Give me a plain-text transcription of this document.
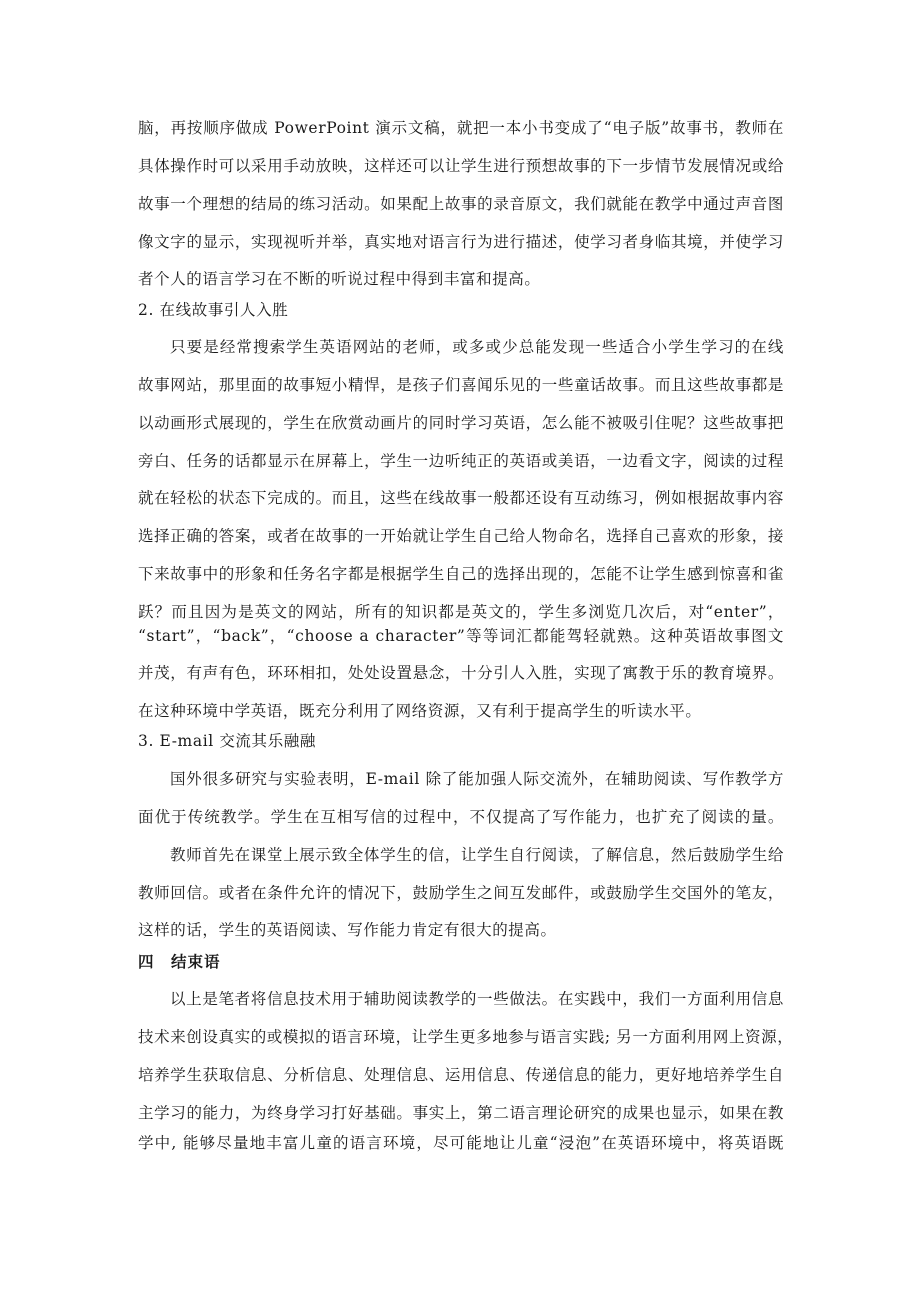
脑，再按顺序做成 PowerPoint 演示文稿，就把一本小书变成了“电子版”故事书，教师在
具体操作时可以采用手动放映，这样还可以让学生进行预想故事的下一步情节发展情况或给
故事一个理想的结局的练习活动。如果配上故事的录音原文，我们就能在教学中通过声音图
像文字的显示，实现视听并举，真实地对语言行为进行描述，使学习者身临其境，并使学习
者个人的语言学习在不断的听说过程中得到丰富和提高。
2. 在线故事引人入胜
只要是经常搜索学生英语网站的老师，或多或少总能发现一些适合小学生学习的在线
故事网站，那里面的故事短小精悍，是孩子们喜闻乐见的一些童话故事。而且这些故事都是
以动画形式展现的，学生在欣赏动画片的同时学习英语，怎么能不被吸引住呢？这些故事把
旁白、任务的话都显示在屏幕上，学生一边听纯正的英语或美语，一边看文字，阅读的过程
就在轻松的状态下完成的。而且，这些在线故事一般都还设有互动练习，例如根据故事内容
选择正确的答案，或者在故事的一开始就让学生自己给人物命名，选择自己喜欢的形象，接
下来故事中的形象和任务名字都是根据学生自己的选择出现的，怎能不让学生感到惊喜和雀
跃？而且因为是英文的网站，所有的知识都是英文的，学生多浏览几次后，对“enter”，
“start”，“back”，“choose a character”等等词汇都能驾轻就熟。这种英语故事图文
并茂，有声有色，环环相扣，处处设置悬念，十分引人入胜，实现了寓教于乐的教育境界。
在这种环境中学英语，既充分利用了网络资源，又有利于提高学生的听读水平。
3. E-mail 交流其乐融融
国外很多研究与实验表明，E-mail 除了能加强人际交流外，在辅助阅读、写作教学方
面优于传统教学。学生在互相写信的过程中，不仅提高了写作能力，也扩充了阅读的量。
教师首先在课堂上展示致全体学生的信，让学生自行阅读，了解信息，然后鼓励学生给
教师回信。或者在条件允许的情况下，鼓励学生之间互发邮件，或鼓励学生交国外的笔友，
这样的话，学生的英语阅读、写作能力肯定有很大的提高。
四　结束语
以上是笔者将信息技术用于辅助阅读教学的一些做法。在实践中，我们一方面利用信息
技术来创设真实的或模拟的语言环境，让学生更多地参与语言实践; 另一方面利用网上资源，
培养学生获取信息、分析信息、处理信息、运用信息、传递信息的能力，更好地培养学生自
主学习的能力，为终身学习打好基础。事实上，第二语言理论研究的成果也显示，如果在教
学中, 能够尽量地丰富儿童的语言环境，尽可能地让儿童“浸泡”在英语环境中，将英语既
